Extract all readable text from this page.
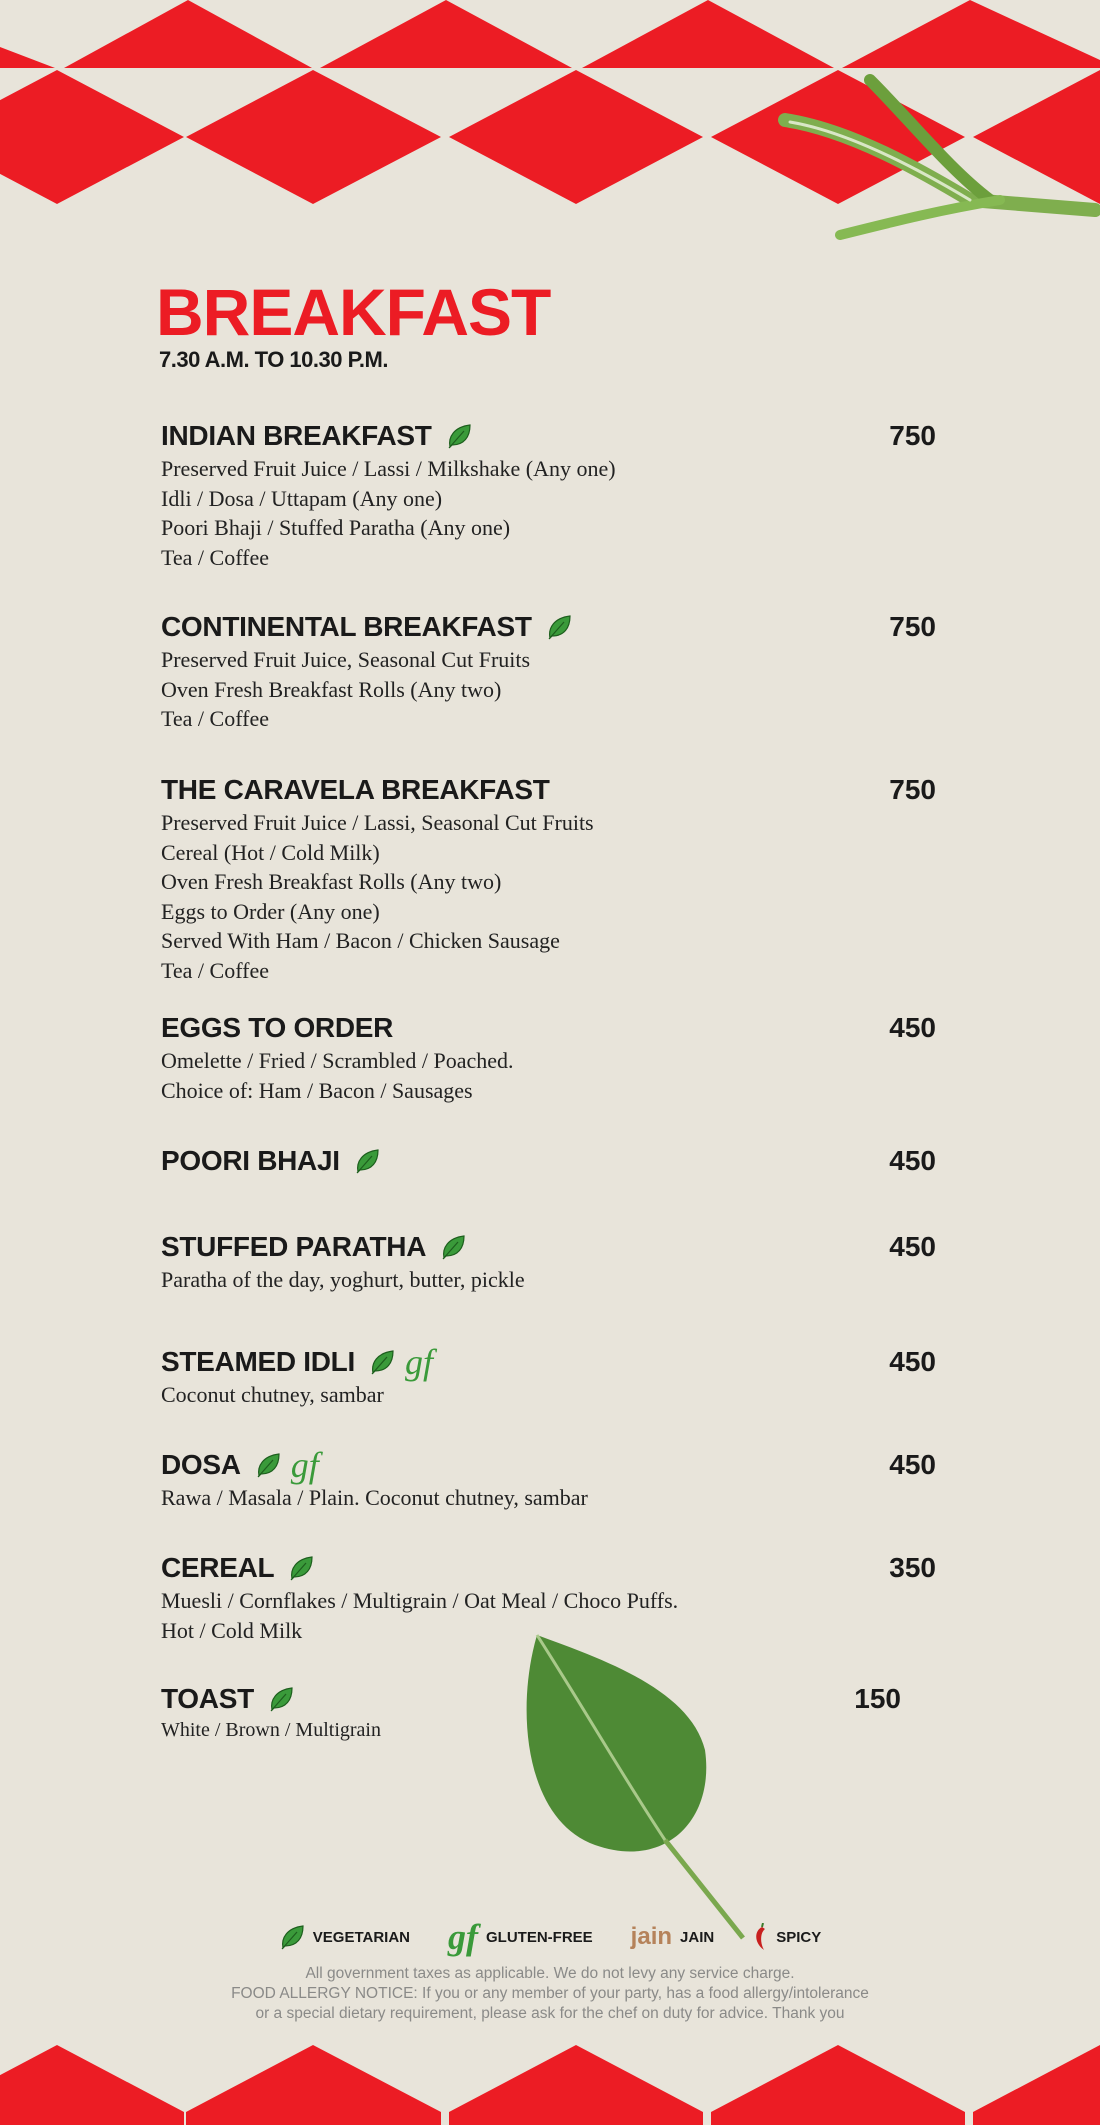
BREAKFAST
7.30 A.M. TO 10.30 P.M.
INDIAN BREAKFAST	750
Preserved Fruit Juice / Lassi / Milkshake (Any one)
Idli / Dosa / Uttapam (Any one)
Poori Bhaji / Stuffed Paratha (Any one)
Tea / Coffee
CONTINENTAL BREAKFAST	750
Preserved Fruit Juice, Seasonal Cut Fruits
Oven Fresh Breakfast Rolls (Any two)
Tea / Coffee
THE CARAVELA BREAKFAST	750
Preserved Fruit Juice / Lassi, Seasonal Cut Fruits
Cereal (Hot / Cold Milk)
Oven Fresh Breakfast Rolls (Any two)
Eggs to Order (Any one)
Served With Ham / Bacon / Chicken Sausage
Tea / Coffee
EGGS TO ORDER	450
Omelette / Fried / Scrambled / Poached.
Choice of: Ham / Bacon / Sausages
POORI BHAJI	450
STUFFED PARATHA	450
Paratha of the day, yoghurt, butter, pickle
STEAMED IDLI gf	450
Coconut chutney, sambar
DOSA gf	450
Rawa / Masala / Plain. Coconut chutney, sambar
CEREAL	350
Muesli / Cornflakes / Multigrain / Oat Meal / Choco Puffs.
Hot / Cold Milk
TOAST	150
White / Brown / Multigrain
VEGETARIAN gf GLUTEN-FREE jain JAIN	SPICY
All government taxes as applicable. We do not levy any service charge.
FOOD ALLERGY NOTICE: If you or any member of your party, has a food allergy/intolerance
or a special dietary requirement, please ask for the chef on duty for advice. Thank you
